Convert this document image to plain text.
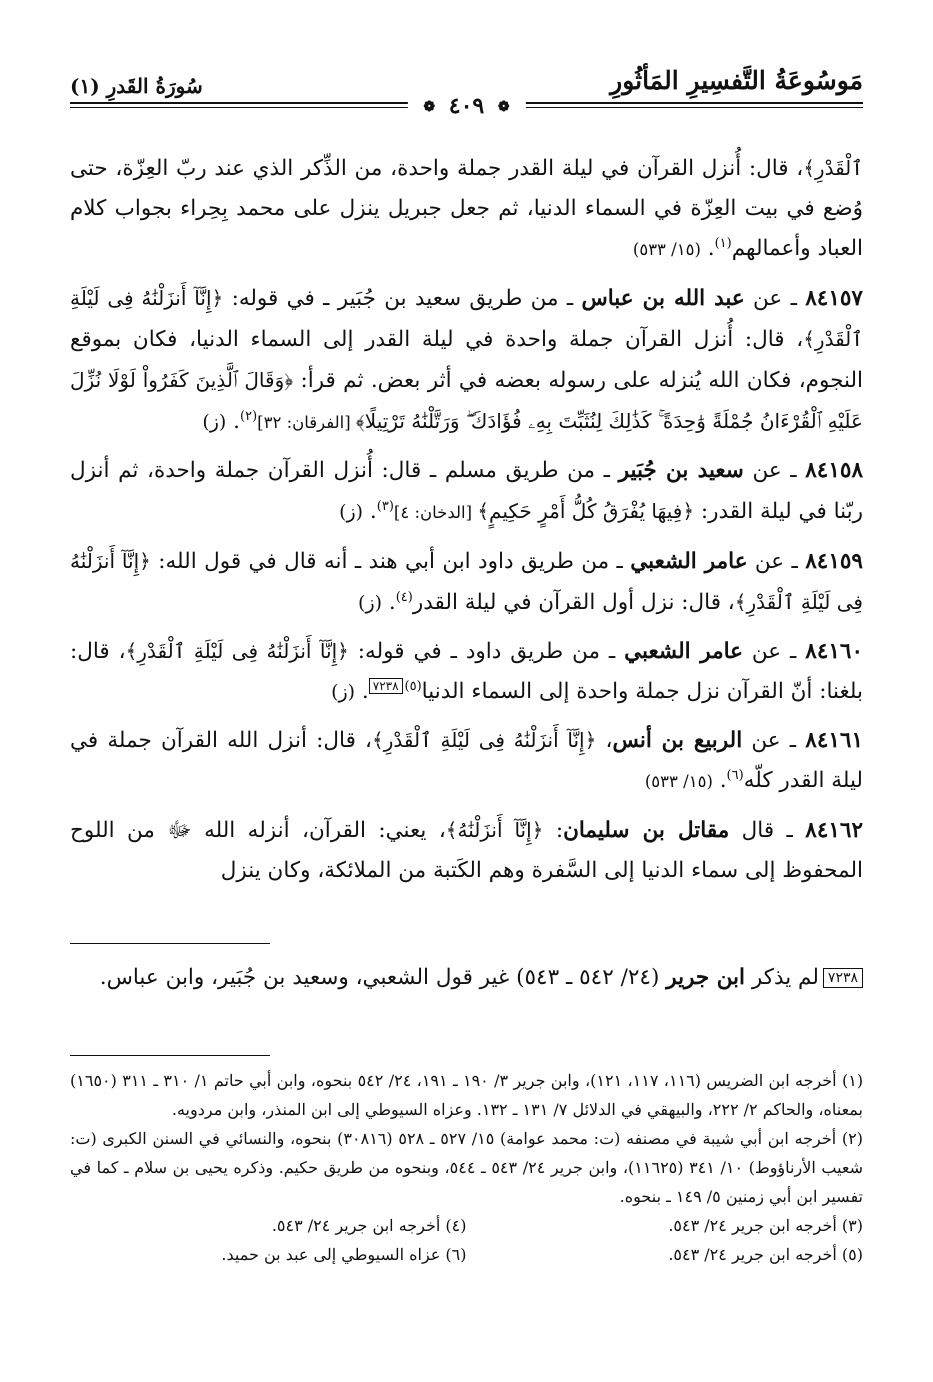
مَوسُوعَةُ التَّفسِيرِ المَأثُورِ
سُورَةُ القَدرِ (١)
❁ ٤٠٩ ❁

ٱلْقَدْرِ﴾، قال: أُنزل القرآن في ليلة القدر جملة واحدة، من الذِّكر الذي عند ربّ العِزّة، حتى وُضع في بيت العِزّة في السماء الدنيا، ثم جعل جبريل ينزل على محمد بِحِراء بجواب كلام العباد وأعمالهم$^{(١)}$. (١٥/ ٥٣٣)

٨٤١٥٧ ـ عن عبد الله بن عباس ـ من طريق سعيد بن جُبَير ـ في قوله: ﴿إِنَّآ أَنزَلْنَٰهُ فِى لَيْلَةِ ٱلْقَدْرِ﴾، قال: أُنزل القرآن جملة واحدة في ليلة القدر إلى السماء الدنيا، فكان بموقع النجوم، فكان الله يُنزله على رسوله بعضه في أثر بعض. ثم قرأ: ﴿وَقَالَ ٱلَّذِينَ كَفَرُواْ لَوْلَا نُزِّلَ عَلَيْهِ ٱلْقُرْءَانُ جُمْلَةً وَٰحِدَةً ۚ كَذَٰلِكَ لِنُثَبِّتَ بِهِۦ فُؤَادَكَ ۖ وَرَتَّلْنَٰهُ تَرْتِيلًا﴾ [الفرقان: ٣٢]$^{(٢)}$. (ز)

٨٤١٥٨ ـ عن سعيد بن جُبَير ـ من طريق مسلم ـ قال: أُنزل القرآن جملة واحدة، ثم أنزل ربّنا في ليلة القدر: ﴿فِيهَا يُفْرَقُ كُلُّ أَمْرٍ حَكِيمٍ﴾ [الدخان: ٤]$^{(٣)}$. (ز)

٨٤١٥٩ ـ عن عامر الشعبي ـ من طريق داود ابن أبي هند ـ أنه قال في قول الله: ﴿إِنَّآ أَنزَلْنَٰهُ فِى لَيْلَةِ ٱلْقَدْرِ﴾، قال: نزل أول القرآن في ليلة القدر$^{(٤)}$. (ز)

٨٤١٦٠ ـ عن عامر الشعبي ـ من طريق داود ـ في قوله: ﴿إِنَّآ أَنزَلْنَٰهُ فِى لَيْلَةِ ٱلْقَدْرِ﴾، قال: بلغنا: أنّ القرآن نزل جملة واحدة إلى السماء الدنيا$^{(٥)}$٧٢٣٨. (ز)

٨٤١٦١ ـ عن الربيع بن أنس، ﴿إِنَّآ أَنزَلْنَٰهُ فِى لَيْلَةِ ٱلْقَدْرِ﴾، قال: أنزل الله القرآن جملة في ليلة القدر كلّه$^{(٦)}$. (١٥/ ٥٣٣)

٨٤١٦٢ ـ قال مقاتل بن سليمان: ﴿إِنَّآ أَنزَلْنَٰهُ﴾، يعني: القرآن، أنزله الله ﷻ من اللوح المحفوظ إلى سماء الدنيا إلى السَّفرة وهم الكَتبة من الملائكة، وكان ينزل

٧٢٣٨لم يذكر ابن جرير (٢٤/ ٥٤٢ ـ ٥٤٣) غير قول الشعبي، وسعيد بن جُبَير، وابن عباس.

(١) أخرجه ابن الضريس (١١٦، ١١٧، ١٢١)، وابن جرير ٣/ ١٩٠ ـ ١٩١، ٢٤/ ٥٤٢ بنحوه، وابن أبي حاتم ١/ ٣١٠ ـ ٣١١ (١٦٥٠) بمعناه، والحاكم ٢/ ٢٢٢، والبيهقي في الدلائل ٧/ ١٣١ ـ ١٣٢. وعزاه السيوطي إلى ابن المنذر، وابن مردويه.

(٢) أخرجه ابن أبي شيبة في مصنفه (ت: محمد عوامة) ١٥/ ٥٢٧ ـ ٥٢٨ (٣٠٨١٦) بنحوه، والنسائي في السنن الكبرى (ت: شعيب الأرناؤوط) ١٠/ ٣٤١ (١١٦٢٥)، وابن جرير ٢٤/ ٥٤٣ ـ ٥٤٤، وبنحوه من طريق حكيم. وذكره يحيى بن سلام ـ كما في تفسير ابن أبي زمنين ٥/ ١٤٩ ـ بنحوه.

(٣) أخرجه ابن جرير ٢٤/ ٥٤٣.
(٤) أخرجه ابن جرير ٢٤/ ٥٤٣.
(٥) أخرجه ابن جرير ٢٤/ ٥٤٣.
(٦) عزاه السيوطي إلى عبد بن حميد.
